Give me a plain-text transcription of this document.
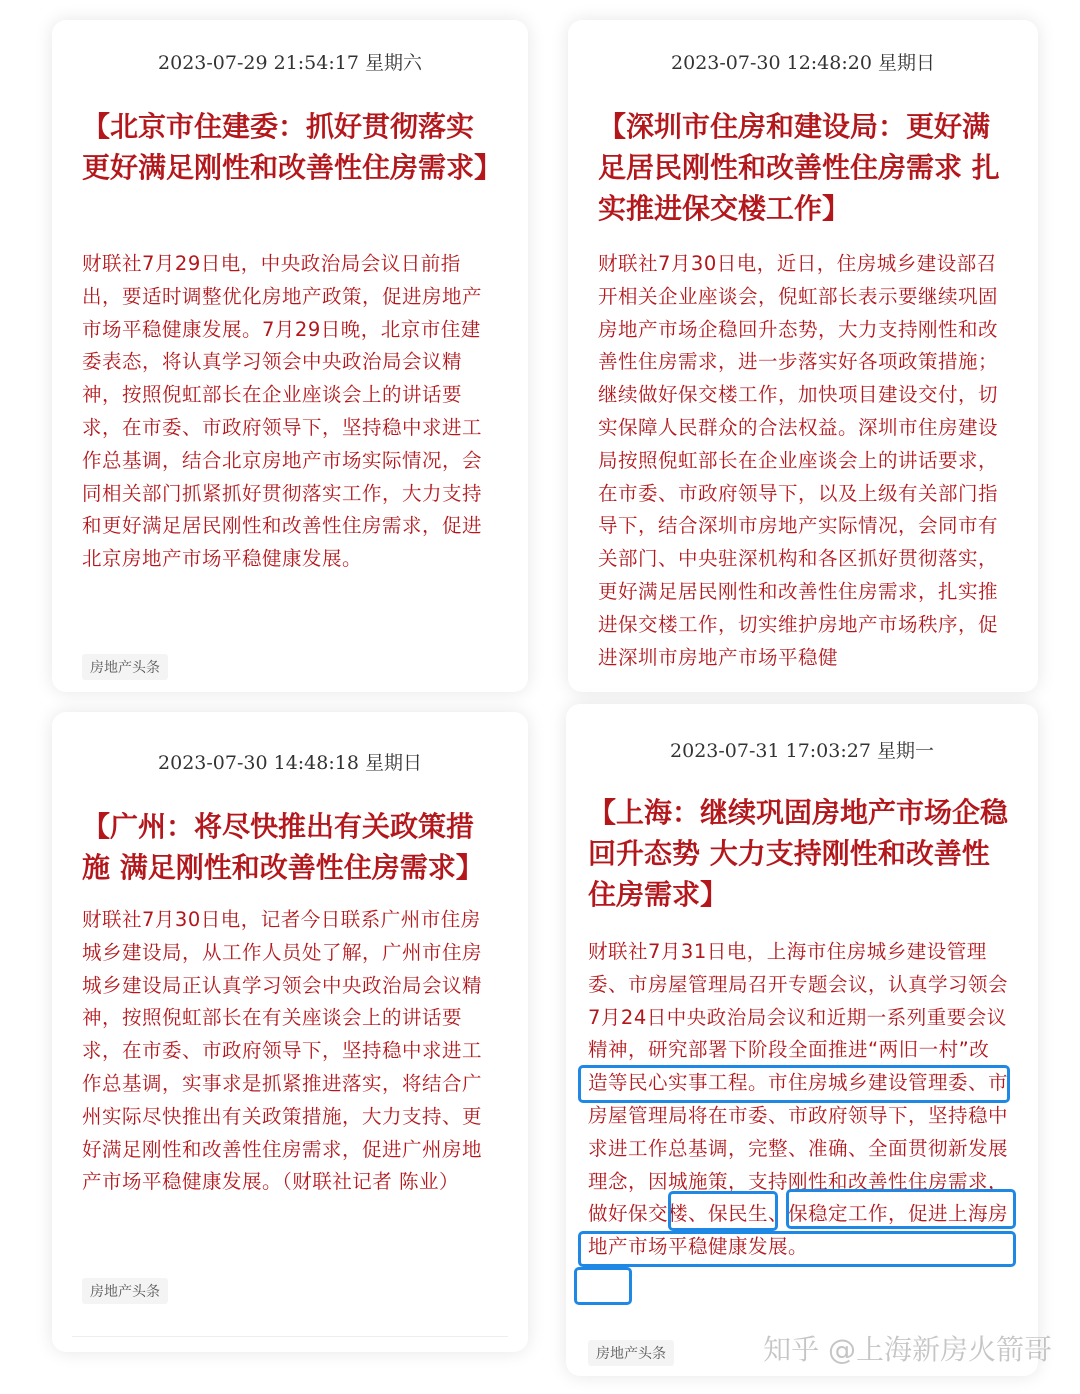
2023-07-29 21:54:17 星期六

【北京市住建委：抓好贯彻落实更好满足刚性和改善性住房需求】

财联社7月29日电，中央政治局会议日前指出，要适时调整优化房地产政策，促进房地产市场平稳健康发展。7月29日晚，北京市住建委表态，将认真学习领会中央政治局会议精神，按照倪虹部长在企业座谈会上的讲话要求，在市委、市政府领导下，坚持稳中求进工作总基调，结合北京房地产市场实际情况，会同相关部门抓紧抓好贯彻落实工作，大力支持和更好满足居民刚性和改善性住房需求，促进北京房地产市场平稳健康发展。

房地产头条
2023-07-30 12:48:20 星期日

【深圳市住房和建设局：更好满足居民刚性和改善性住房需求 扎实推进保交楼工作】

财联社7月30日电，近日，住房城乡建设部召开相关企业座谈会，倪虹部长表示要继续巩固房地产市场企稳回升态势，大力支持刚性和改善性住房需求，进一步落实好各项政策措施；继续做好保交楼工作，加快项目建设交付，切实保障人民群众的合法权益。深圳市住房建设局按照倪虹部长在企业座谈会上的讲话要求，在市委、市政府领导下，以及上级有关部门指导下，结合深圳市房地产实际情况，会同市有关部门、中央驻深机构和各区抓好贯彻落实，更好满足居民刚性和改善性住房需求，扎实推进保交楼工作，切实维护房地产市场秩序，促进深圳市房地产市场平稳健

2023-07-30 14:48:18 星期日

【广州：将尽快推出有关政策措施 满足刚性和改善性住房需求】

财联社7月30日电，记者今日联系广州市住房城乡建设局，从工作人员处了解，广州市住房城乡建设局正认真学习领会中央政治局会议精神，按照倪虹部长在有关座谈会上的讲话要求，在市委、市政府领导下，坚持稳中求进工作总基调，实事求是抓紧推进落实，将结合广州实际尽快推出有关政策措施，大力支持、更好满足刚性和改善性住房需求，促进广州房地产市场平稳健康发展。（财联社记者 陈业）

房地产头条
2023-07-31 17:03:27 星期一

【上海：继续巩固房地产市场企稳回升态势 大力支持刚性和改善性住房需求】

财联社7月31日电，上海市住房城乡建设管理委、市房屋管理局召开专题会议，认真学习领会7月24日中央政治局会议和近期一系列重要会议精神，研究部署下阶段全面推进“两旧一村”改造等民心实事工程。市住房城乡建设管理委、市房屋管理局将在市委、市政府领导下，坚持稳中求进工作总基调，完整、准确、全面贯彻新发展理念，因城施策，支持刚性和改善性住房需求，做好保交楼、保民生、保稳定工作，促进上海房地产市场平稳健康发展。

房地产头条	知乎 @上海新房火箭哥
